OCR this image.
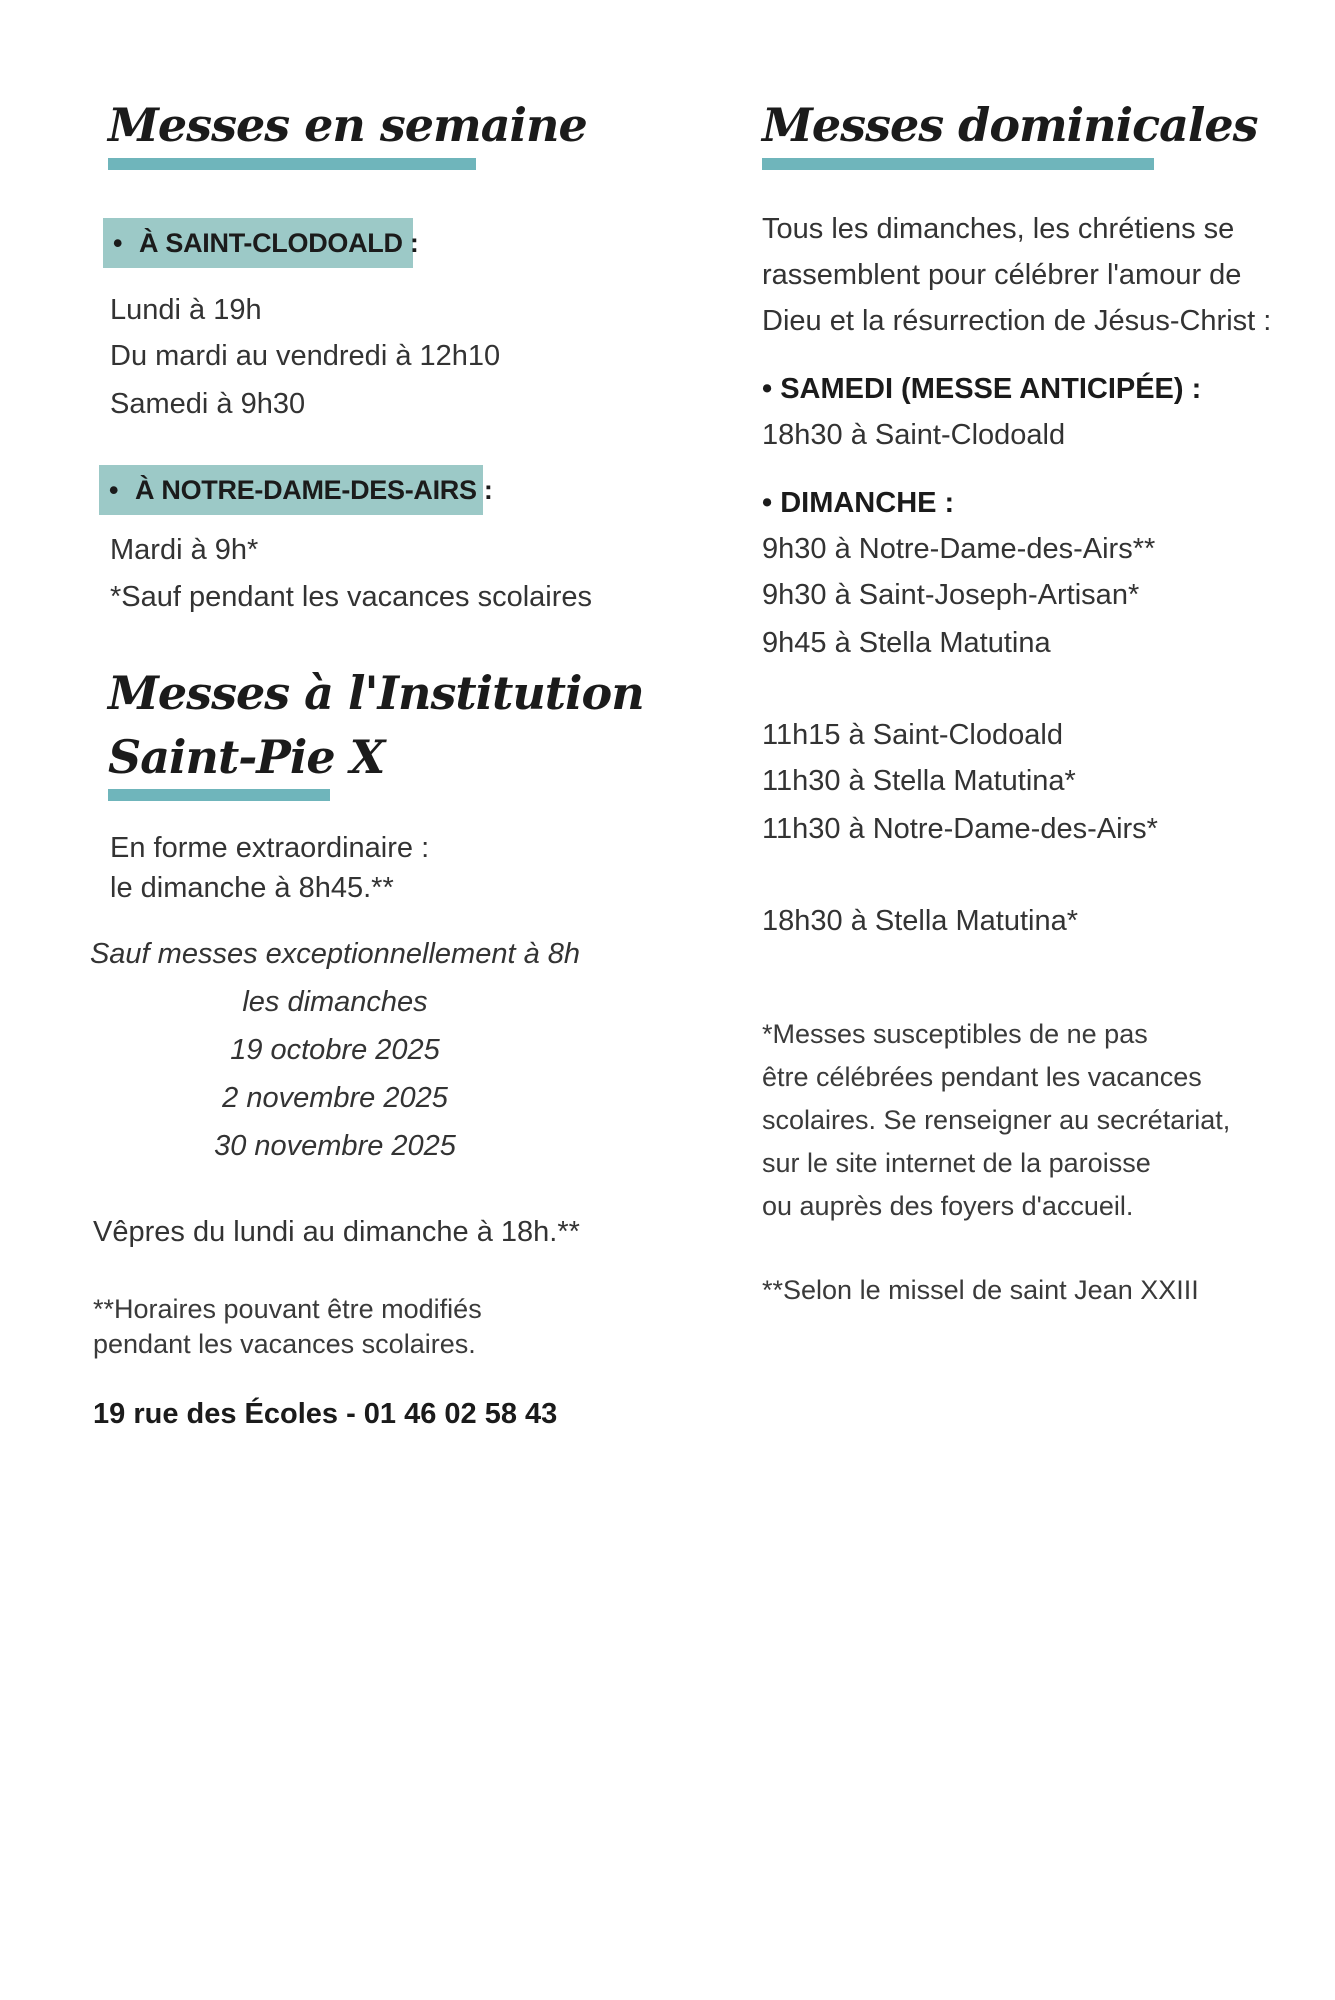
Messes en semaine
• À SAINT-CLODOALD :
Lundi à 19h
Du mardi au vendredi à 12h10
Samedi à 9h30
• À NOTRE-DAME-DES-AIRS :
Mardi à 9h*
*Sauf pendant les vacances scolaires
Messes à l'Institution
Saint-Pie X
En forme extraordinaire :
le dimanche à 8h45.**
Sauf messes exceptionnellement à 8h
les dimanches
19 octobre 2025
2 novembre 2025
30 novembre 2025
Vêpres du lundi au dimanche à 18h.**
**Horaires pouvant être modifiés
pendant les vacances scolaires.
19 rue des Écoles - 01 46 02 58 43
Messes dominicales
Tous les dimanches, les chrétiens se
rassemblent pour célébrer l'amour de
Dieu et la résurrection de Jésus-Christ :
• SAMEDI (MESSE ANTICIPÉE) :
18h30 à Saint-Clodoald
• DIMANCHE :
9h30 à Notre-Dame-des-Airs**
9h30 à Saint-Joseph-Artisan*
9h45 à Stella Matutina
11h15 à Saint-Clodoald
11h30 à Stella Matutina*
11h30 à Notre-Dame-des-Airs*
18h30 à Stella Matutina*
*Messes susceptibles de ne pas
être célébrées pendant les vacances
scolaires. Se renseigner au secrétariat,
sur le site internet de la paroisse
ou auprès des foyers d'accueil.
**Selon le missel de saint Jean XXIII
